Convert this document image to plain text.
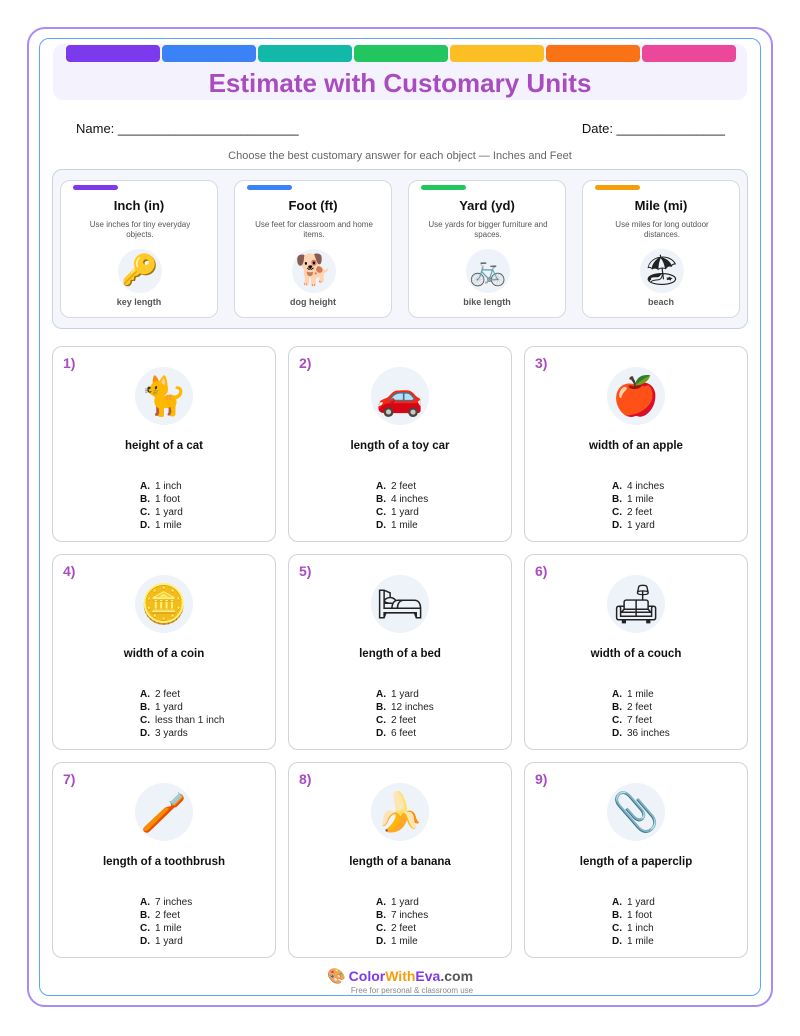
Estimate with Customary Units
Name: _________________________	Date: _______________
Choose the best customary answer for each object — Inches and Feet
Inch (in)
Use inches for tiny everyday objects.
🔑
key length
Foot (ft)
Use feet for classroom and home items.
🐕
dog height
Yard (yd)
Use yards for bigger furniture and spaces.
🚲
bike length
Mile (mi)
Use miles for long outdoor distances.
🏖
beach
1)
🐈
height of a cat
A. 1 inch
B. 1 foot
C. 1 yard
D. 1 mile
2)
🚗
length of a toy car
A. 2 feet
B. 4 inches
C. 1 yard
D. 1 mile
3)
🍎
width of an apple
A. 4 inches
B. 1 mile
C. 2 feet
D. 1 yard
4)
🪙
width of a coin
A. 2 feet
B. 1 yard
C. less than 1 inch
D. 3 yards
5)
🛏
length of a bed
A. 1 yard
B. 12 inches
C. 2 feet
D. 6 feet
6)
🛋
width of a couch
A. 1 mile
B. 2 feet
C. 7 feet
D. 36 inches
7)
🪥
length of a toothbrush
A. 7 inches
B. 2 feet
C. 1 mile
D. 1 yard
8)
🍌
length of a banana
A. 1 yard
B. 7 inches
C. 2 feet
D. 1 mile
9)
📎
length of a paperclip
A. 1 yard
B. 1 foot
C. 1 inch
D. 1 mile
🎨 ColorWithEva.com
Free for personal & classroom use
